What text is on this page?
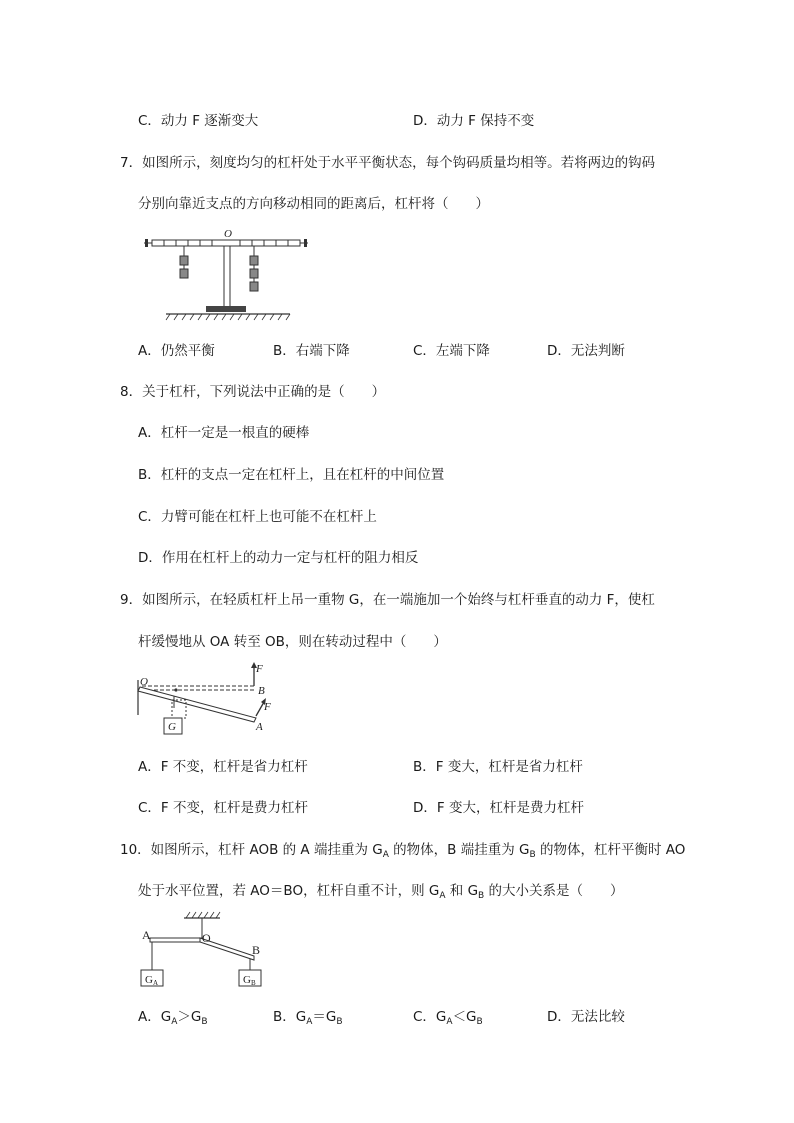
C．动力 F 逐渐变大	D．动力 F 保持不变
7．如图所示，刻度均匀的杠杆处于水平平衡状态，每个钩码质量均相等。若将两边的钩码
分别向靠近支点的方向移动相同的距离后，杠杆将（　　）
O
A．仍然平衡	B．右端下降	C．左端下降	D．无法判断
8．关于杠杆，下列说法中正确的是（　　）
A．杠杆一定是一根直的硬棒
B．杠杆的支点一定在杠杆上，且在杠杆的中间位置
C．力臂可能在杠杆上也可能不在杠杆上
D．作用在杠杆上的动力一定与杠杆的阻力相反
9．如图所示，在轻质杠杆上吊一重物 G，在一端施加一个始终与杠杆垂直的动力 F，使杠
杆缓慢地从 OA 转至 OB，则在转动过程中（　　）
O
B
F
F
A
G
A．F 不变，杠杆是省力杠杆	B．F 变大，杠杆是省力杠杆
C．F 不变，杠杆是费力杠杆	D．F 变大，杠杆是费力杠杆
10．如图所示，杠杆 AOB 的 A 端挂重为 $G_A$ 的物体，B 端挂重为 $G_B$ 的物体，杠杆平衡时 AO
处于水平位置，若 AO＝BO，杠杆自重不计，则 $G_A$ 和 $G_B$ 的大小关系是（　　）
A	O
B
GA	GB
A．$G_A>G_B$	B．$G_A=G_B$	C．$G_A<G_B$	D．无法比较
